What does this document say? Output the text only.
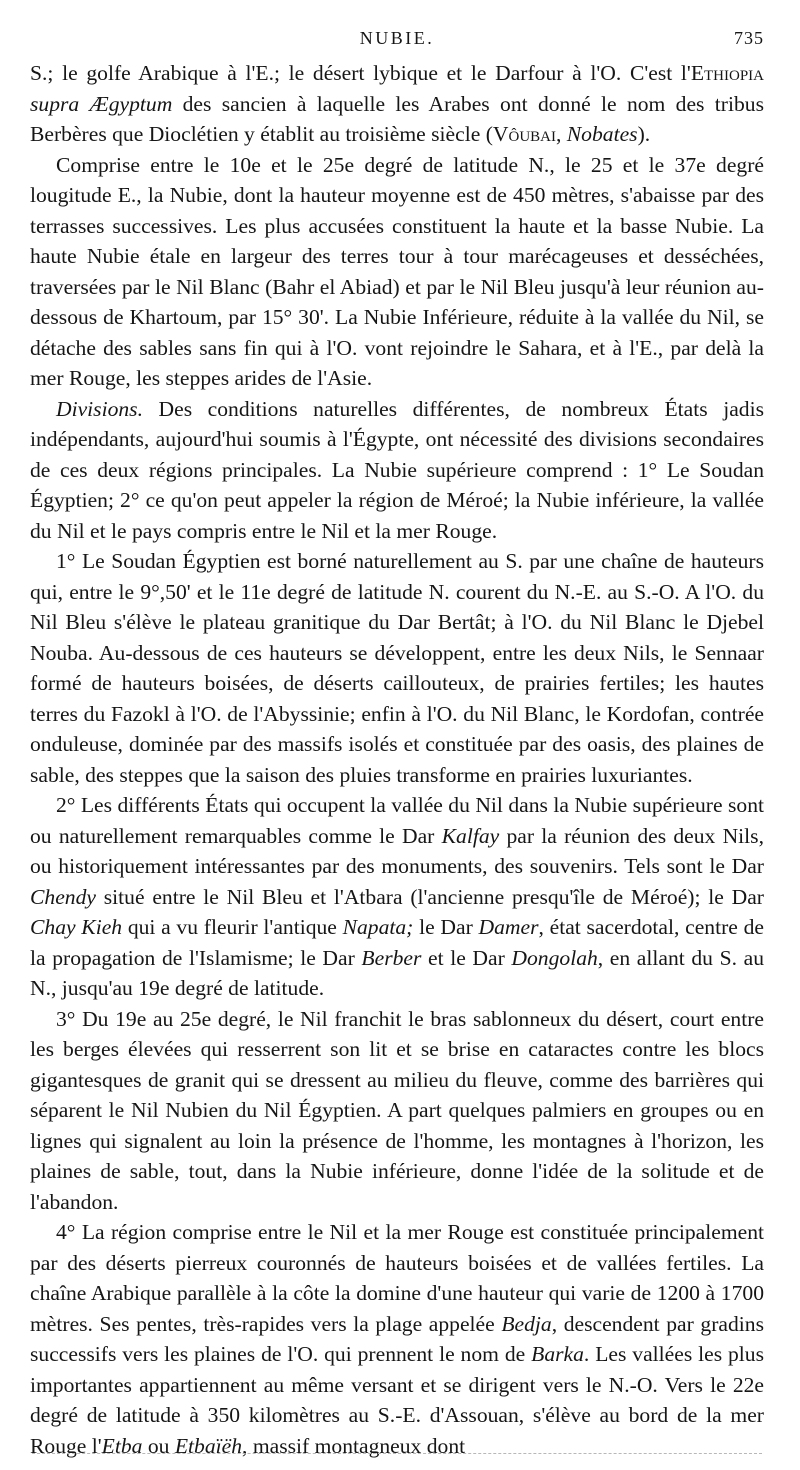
NUBIE.	735

S.; le golfe Arabique à l'E.; le désert lybique et le Darfour à l'O. C'est l'Ethiopia supra Ægyptum des sancien à laquelle les Arabes ont donné le nom des tribus Berbères que Dioclétien y établit au troisième siècle (Vôubai, Nobates).

Comprise entre le 10e et le 25e degré de latitude N., le 25 et le 37e degré lougitude E., la Nubie, dont la hauteur moyenne est de 450 mètres, s'abaisse par des terrasses successives. Les plus accusées constituent la haute et la basse Nubie. La haute Nubie étale en largeur des terres tour à tour marécageuses et desséchées, traversées par le Nil Blanc (Bahr el Abiad) et par le Nil Bleu jusqu'à leur réunion au-dessous de Khartoum, par 15° 30'. La Nubie Inférieure, réduite à la vallée du Nil, se détache des sables sans fin qui à l'O. vont rejoindre le Sahara, et à l'E., par delà la mer Rouge, les steppes arides de l'Asie.

Divisions. Des conditions naturelles différentes, de nombreux États jadis indépendants, aujourd'hui soumis à l'Égypte, ont nécessité des divisions secondaires de ces deux régions principales. La Nubie supérieure comprend : 1° Le Soudan Égyptien; 2° ce qu'on peut appeler la région de Méroé; la Nubie inférieure, la vallée du Nil et le pays compris entre le Nil et la mer Rouge.

1° Le Soudan Égyptien est borné naturellement au S. par une chaîne de hauteurs qui, entre le 9°,50' et le 11e degré de latitude N. courent du N.-E. au S.-O. A l'O. du Nil Bleu s'élève le plateau granitique du Dar Bertât; à l'O. du Nil Blanc le Djebel Nouba. Au-dessous de ces hauteurs se développent, entre les deux Nils, le Sennaar formé de hauteurs boisées, de déserts caillouteux, de prairies fertiles; les hautes terres du Fazokl à l'O. de l'Abyssinie; enfin à l'O. du Nil Blanc, le Kordofan, contrée onduleuse, dominée par des massifs isolés et constituée par des oasis, des plaines de sable, des steppes que la saison des pluies transforme en prairies luxuriantes.

2° Les différents États qui occupent la vallée du Nil dans la Nubie supérieure sont ou naturellement remarquables comme le Dar Kalfay par la réunion des deux Nils, ou historiquement intéressantes par des monuments, des souvenirs. Tels sont le Dar Chendy situé entre le Nil Bleu et l'Atbara (l'ancienne presqu'île de Méroé); le Dar Chay Kieh qui a vu fleurir l'antique Napata; le Dar Damer, état sacerdotal, centre de la propagation de l'Islamisme; le Dar Berber et le Dar Dongolah, en allant du S. au N., jusqu'au 19e degré de latitude.

3° Du 19e au 25e degré, le Nil franchit le bras sablonneux du désert, court entre les berges élevées qui resserrent son lit et se brise en cataractes contre les blocs gigantesques de granit qui se dressent au milieu du fleuve, comme des barrières qui séparent le Nil Nubien du Nil Égyptien. A part quelques palmiers en groupes ou en lignes qui signalent au loin la présence de l'homme, les montagnes à l'horizon, les plaines de sable, tout, dans la Nubie inférieure, donne l'idée de la solitude et de l'abandon.

4° La région comprise entre le Nil et la mer Rouge est constituée principalement par des déserts pierreux couronnés de hauteurs boisées et de vallées fertiles. La chaîne Arabique parallèle à la côte la domine d'une hauteur qui varie de 1200 à 1700 mètres. Ses pentes, très-rapides vers la plage appelée Bedja, descendent par gradins successifs vers les plaines de l'O. qui prennent le nom de Barka. Les vallées les plus importantes appartiennent au même versant et se dirigent vers le N.-O. Vers le 22e degré de latitude à 350 kilomètres au S.-E. d'Assouan, s'élève au bord de la mer Rouge l'Etba ou Etbaïëh, massif montagneux dont
